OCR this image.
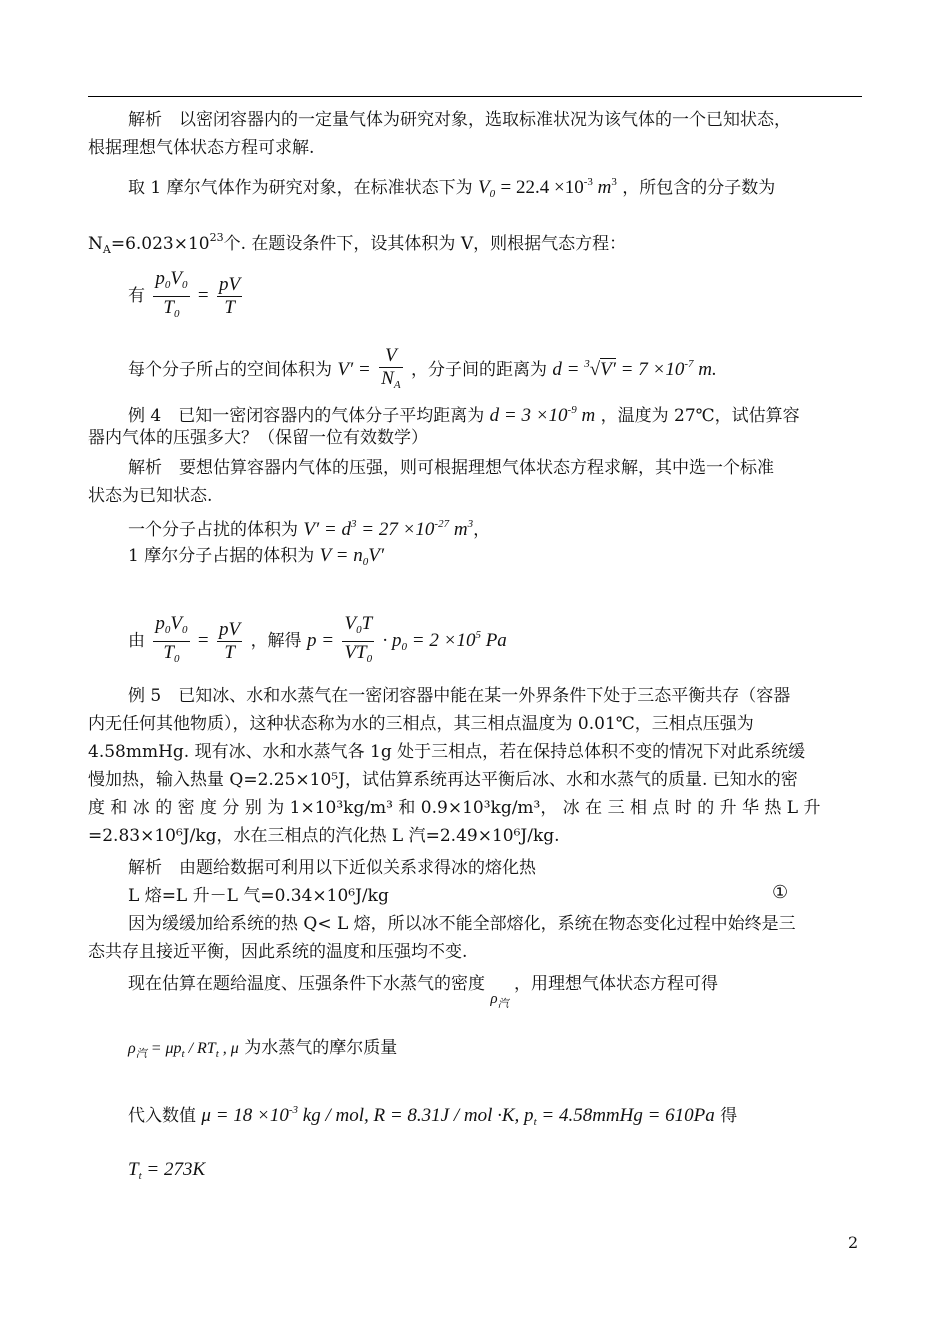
解析　以密闭容器内的一定量气体为研究对象，选取标准状况为该气体的一个已知状态，
根据理想气体状态方程可求解.
取 1 摩尔气体作为研究对象，在标准状态下为 $V_0 = 22.4 \times 10^{-3}$ $m^3$ ，所包含的分子数为
$N_A=6.023\times 10^{23}$个. 在题设条件下，设其体积为 V，则根据气态方程：
有 $\frac{p_0V_0}{T_0} = \frac{pV}{T}$
每个分子所占的空间体积为 $V' = \frac{V}{N_A}$ ，分子间的距离为 $d = ^3√V' = 7 \times 10^{-7}$ m.
例 4　已知一密闭容器内的气体分子平均距离为 $d = 3 \times 10^{-9}$ m ，温度为 27℃，试估算容
器内气体的压强多大？（保留一位有效数学）
解析　要想估算容器内气体的压强，则可根据理想气体状态方程求解，其中选一个标准
状态为已知状态.
一个分子占扰的体积为 $V' = d^3 = 27 \times 10^{-27}$ $m^3$，
1 摩尔分子占据的体积为 $V = n_0V'$
由 $\frac{p_0V_0}{T_0} = \frac{pV}{T}$ ，解得 $p = \frac{V_0T}{VT_0} \cdot p_0 = 2 \times 10^5$ Pa
例 5　已知冰、水和水蒸气在一密闭容器中能在某一外界条件下处于三态平衡共存（容器
内无任何其他物质），这种状态称为水的三相点，其三相点温度为 0.01℃，三相点压强为
4.58mmHg. 现有冰、水和水蒸气各 1g 处于三相点，若在保持总体积不变的情况下对此系统缓
慢加热，输入热量 Q=2.25×10⁵J，试估算系统再达平衡后冰、水和水蒸气的质量. 已知水的密
度 和 冰 的 密 度 分 别 为 1×10³kg/m³ 和 0.9×10³kg/m³， 冰 在 三 相 点 时 的 升 华 热 L 升
=2.83×10⁶J/kg，水在三相点的汽化热 L 汽=2.49×10⁶J/kg.
解析　由题给数据可利用以下近似关系求得冰的熔化热
L 熔=L 升－L 气=0.34×10⁶J/kg	①
因为缓缓加给系统的热 Q< L 熔，所以冰不能全部熔化，系统在物态变化过程中始终是三
态共存且接近平衡，因此系统的温度和压强均不变.
现在估算在题给温度、压强条件下水蒸气的密度 $\rho_汽$ ，用理想气体状态方程可得
$\rho_汽 = \mu p_t / RT_t$ , μ 为水蒸气的摩尔质量
代入数值 $\mu = 18 \times 10^{-3}$ kg / mol, R = 8.31J / mol ·K, $p_t$ = 4.58mmHg = 610Pa 得
$T_t = 273K$
2
